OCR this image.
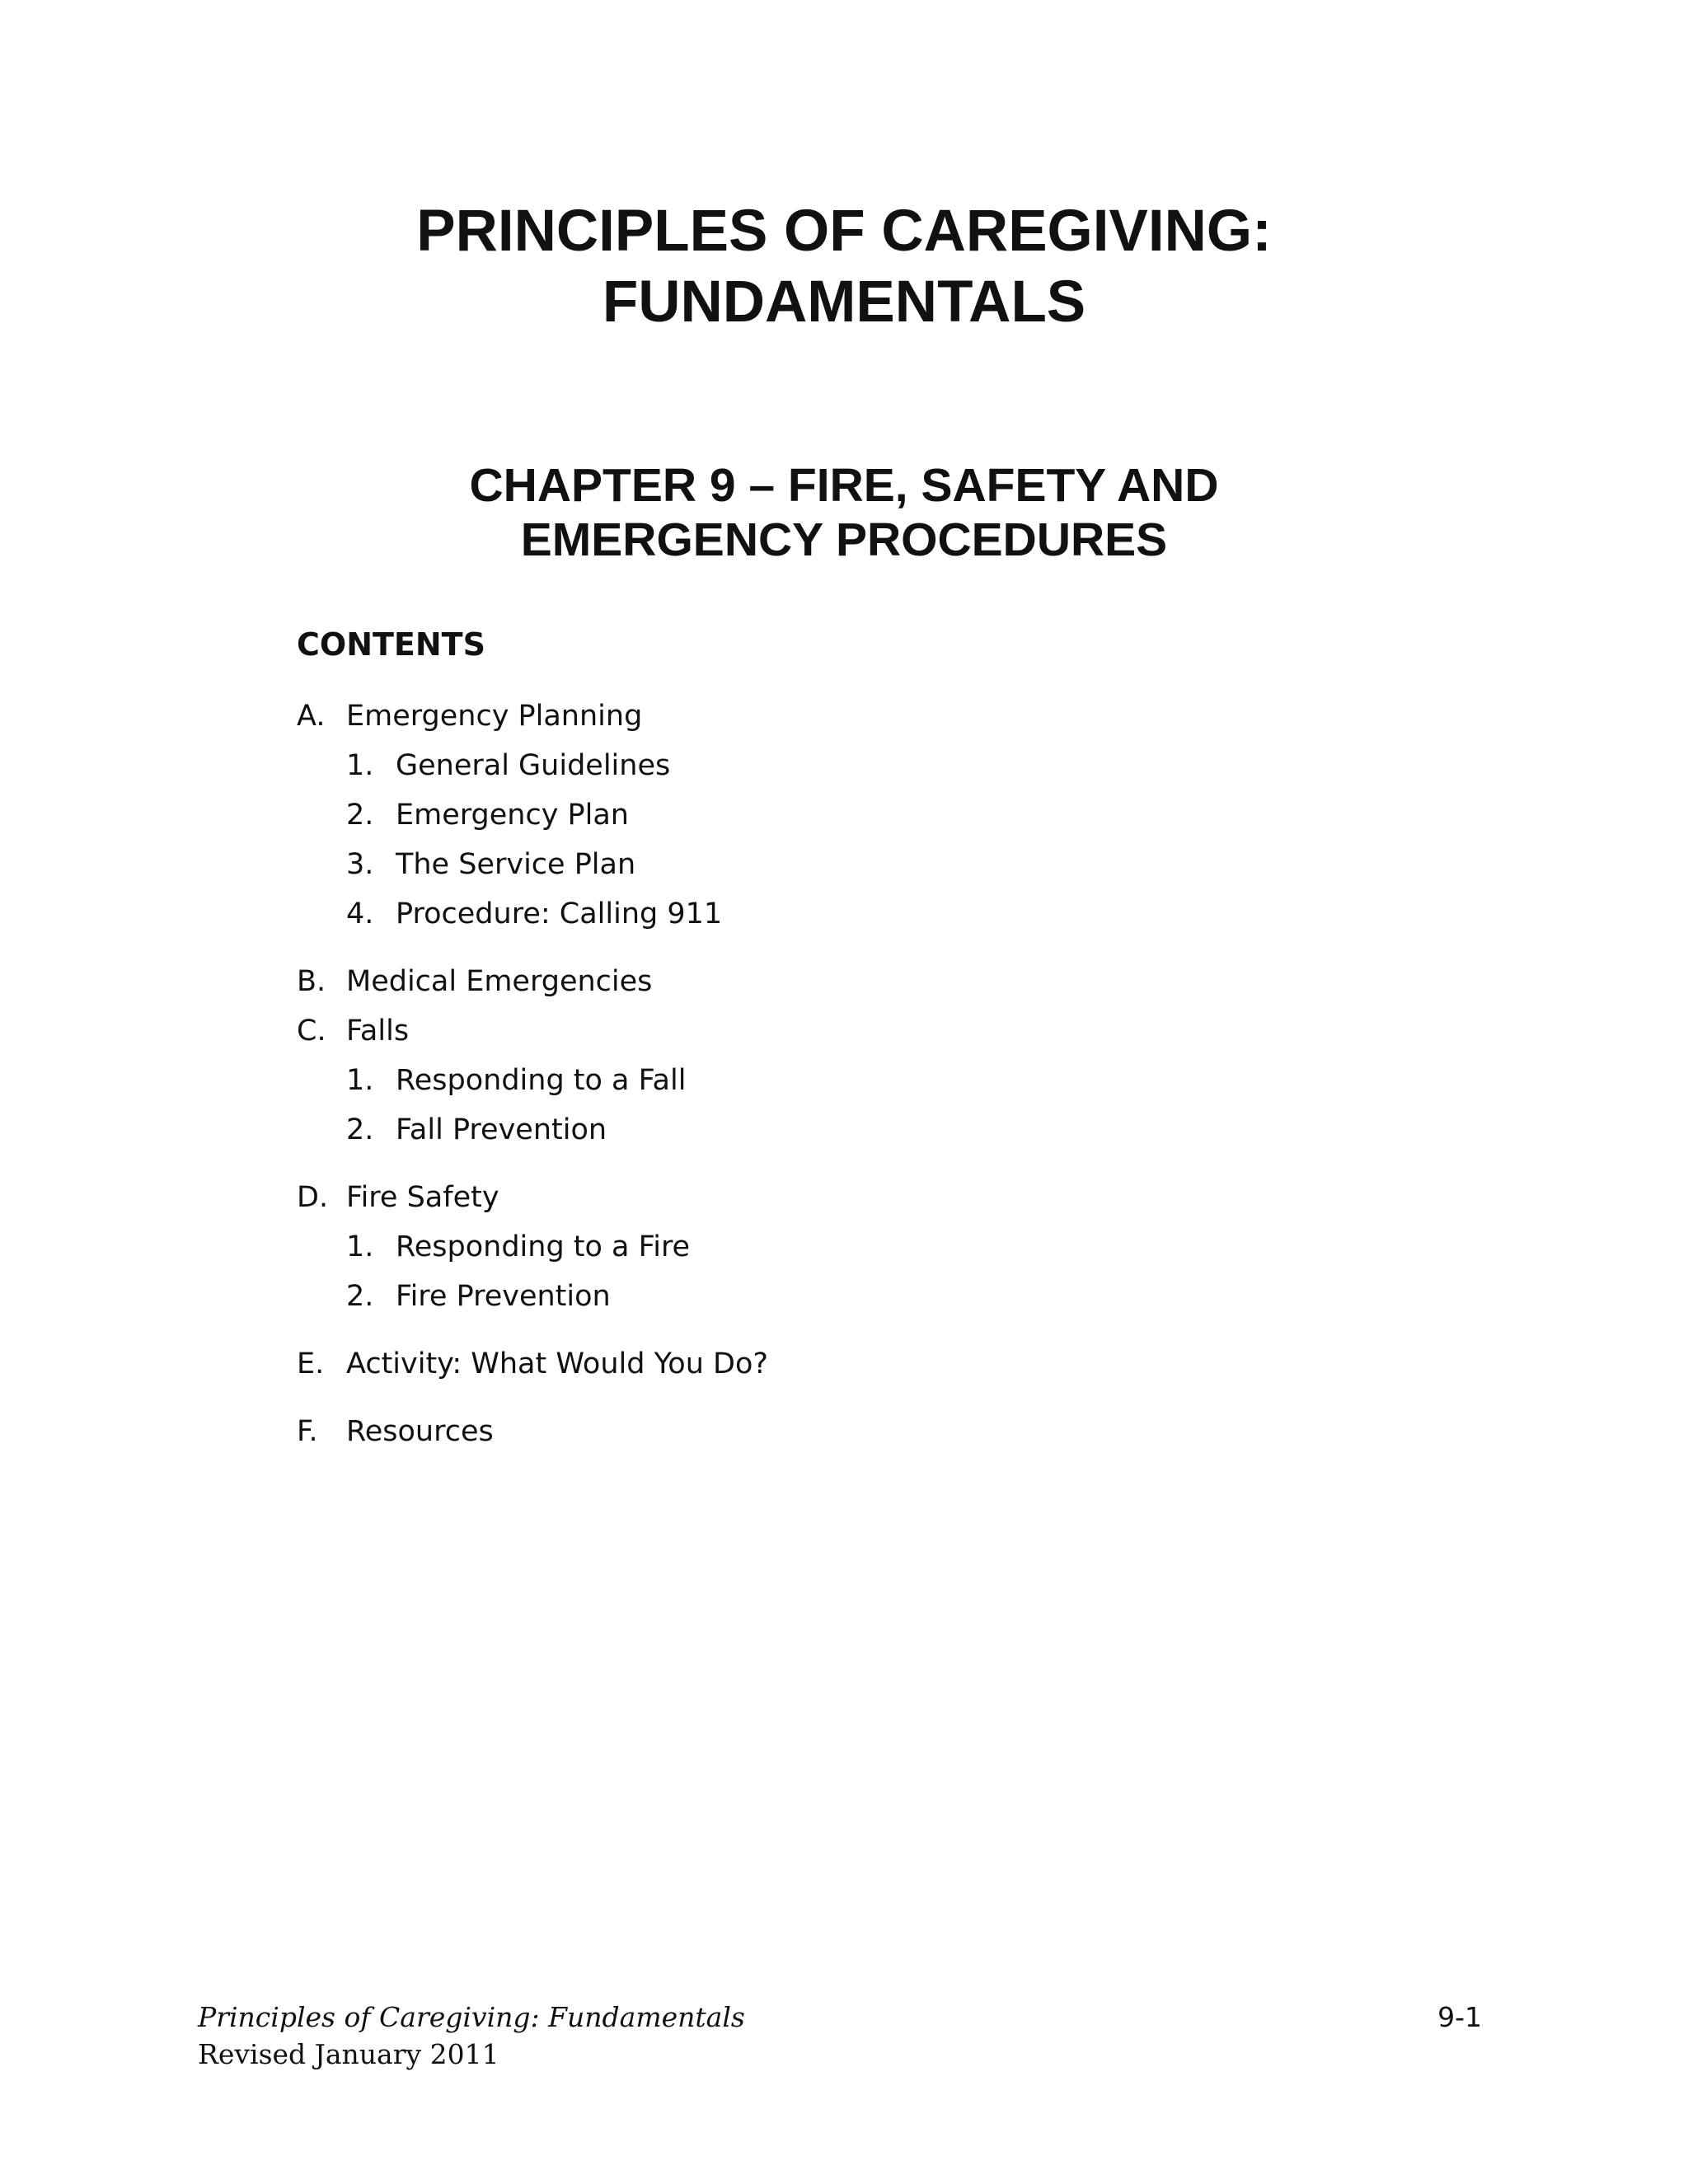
PRINCIPLES OF CAREGIVING:
FUNDAMENTALS
CHAPTER 9 – FIRE, SAFETY AND
EMERGENCY PROCEDURES
CONTENTS
A. Emergency Planning
1. General Guidelines
2. Emergency Plan
3. The Service Plan
4. Procedure: Calling 911
B. Medical Emergencies
C. Falls
1. Responding to a Fall
2. Fall Prevention
D. Fire Safety
1. Responding to a Fire
2. Fire Prevention
E. Activity: What Would You Do?
F. Resources
Principles of Caregiving: Fundamentals
Revised January 2011
9-1
